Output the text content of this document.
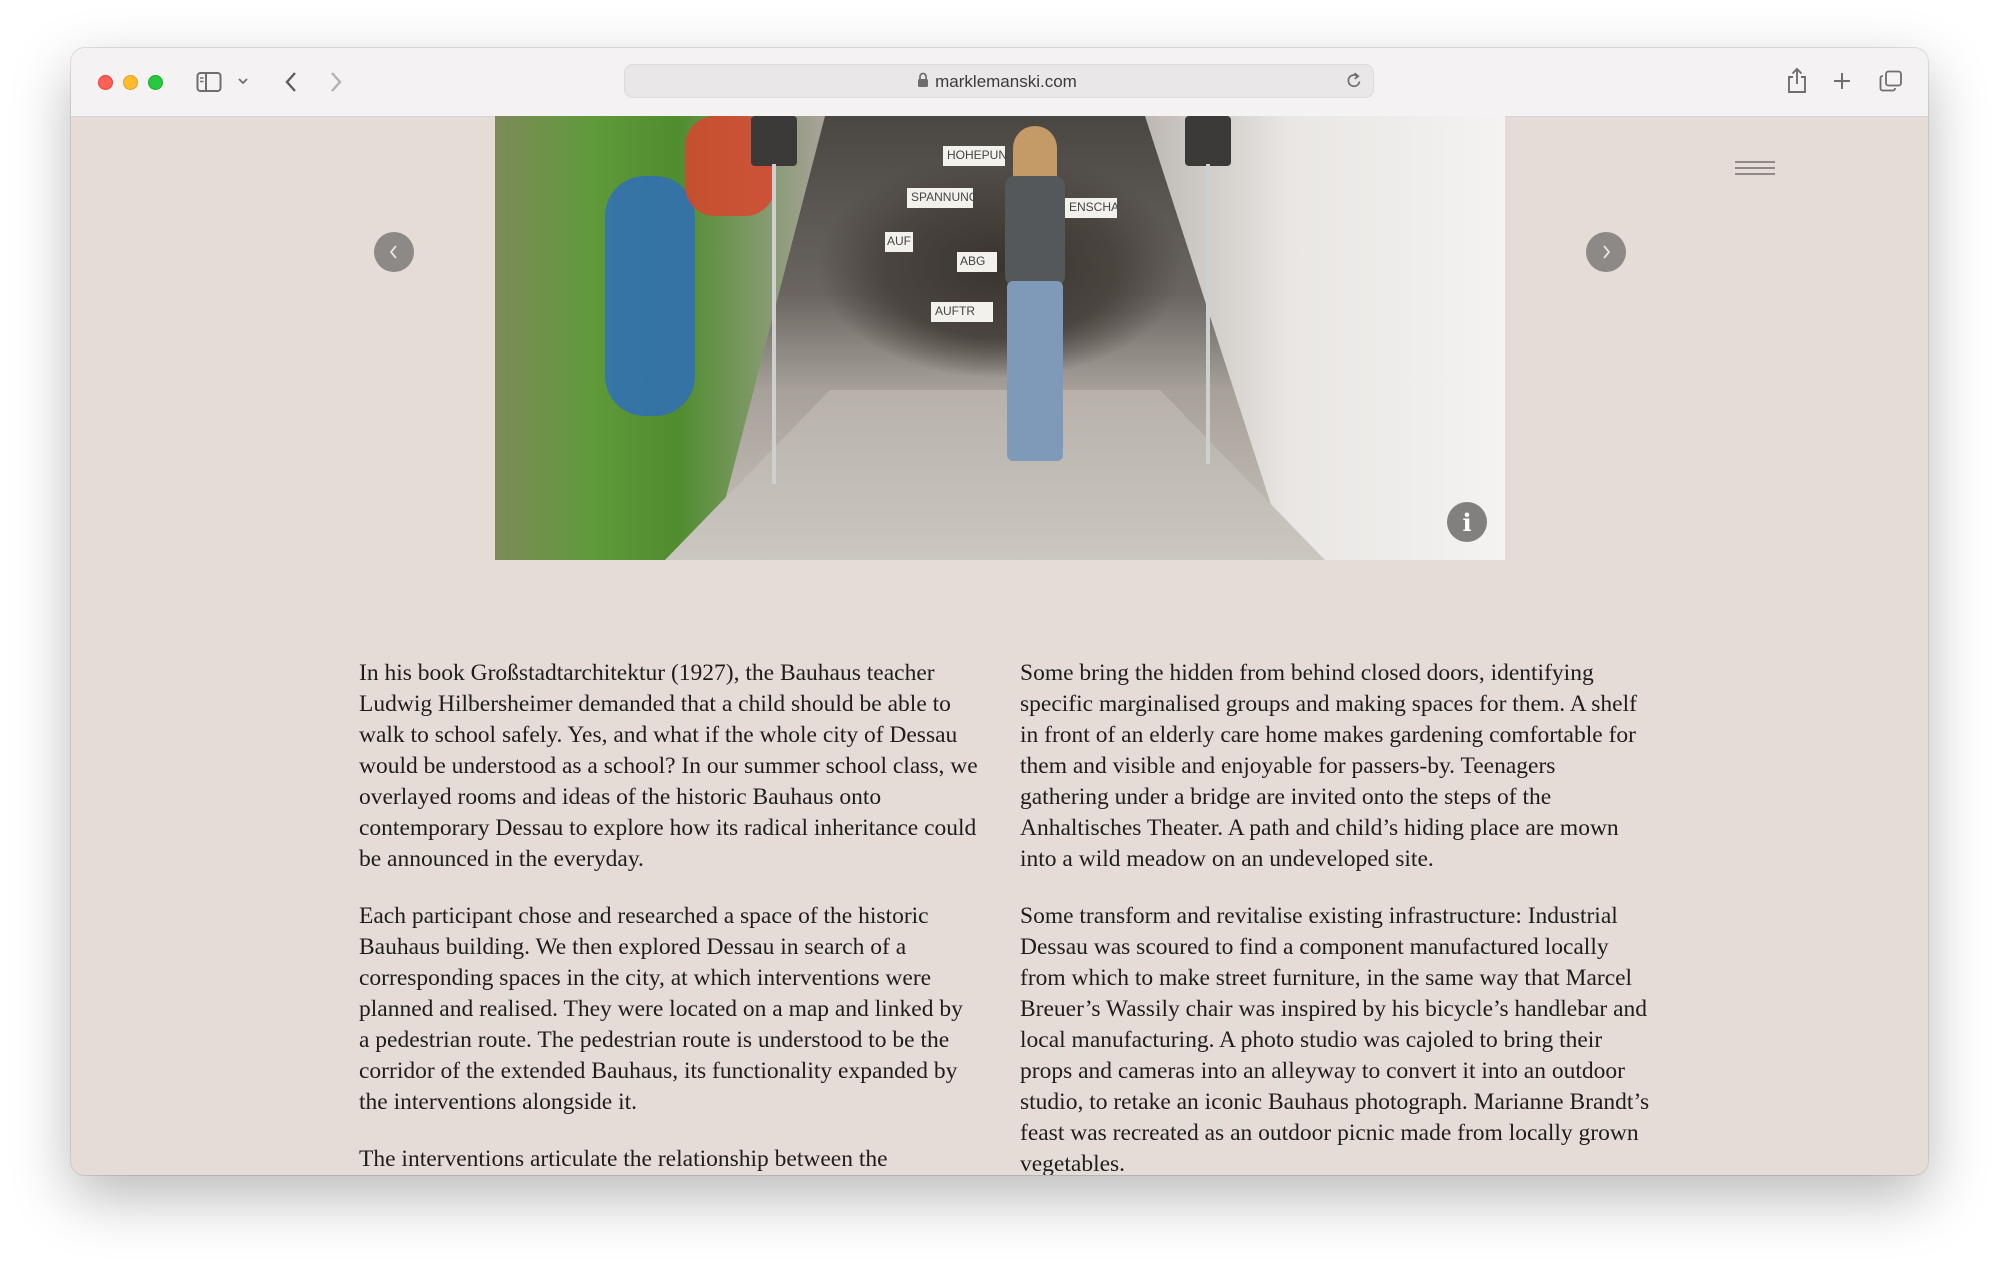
marklemanski.com
HOHEPUN
SPANNUNG
ENSCHA
AUF
ABG
AUFTR
i

In his book Großstadtarchitektur (1927), the Bauhaus teacher Ludwig Hilbersheimer demanded that a child should be able to walk to school safely. Yes, and what if the whole city of Dessau would be understood as a school? In our summer school class, we overlayed rooms and ideas of the historic Bauhaus onto contemporary Dessau to explore how its radical inheritance could be announced in the everyday.

Each participant chose and researched a space of the historic Bauhaus building. We then explored Dessau in search of a corresponding spaces in the city, at which interventions were planned and realised. They were located on a map and linked by a pedestrian route. The pedestrian route is understood to be the corridor of the extended Bauhaus, its functionality expanded by the interventions alongside it.

The interventions articulate the relationship between the

Some bring the hidden from behind closed doors, identifying specific marginalised groups and making spaces for them. A shelf in front of an elderly care home makes gardening comfortable for them and visible and enjoyable for passers-by. Teenagers gathering under a bridge are invited onto the steps of the Anhaltisches Theater. A path and child’s hiding place are mown into a wild meadow on an undeveloped site.

Some transform and revitalise existing infrastructure: Industrial Dessau was scoured to find a component manufactured locally from which to make street furniture, in the same way that Marcel Breuer’s Wassily chair was inspired by his bicycle’s handlebar and local manufacturing. A photo studio was cajoled to bring their props and cameras into an alleyway to convert it into an outdoor studio, to retake an iconic Bauhaus photograph. Marianne Brandt’s feast was recreated as an outdoor picnic made from locally grown vegetables.
